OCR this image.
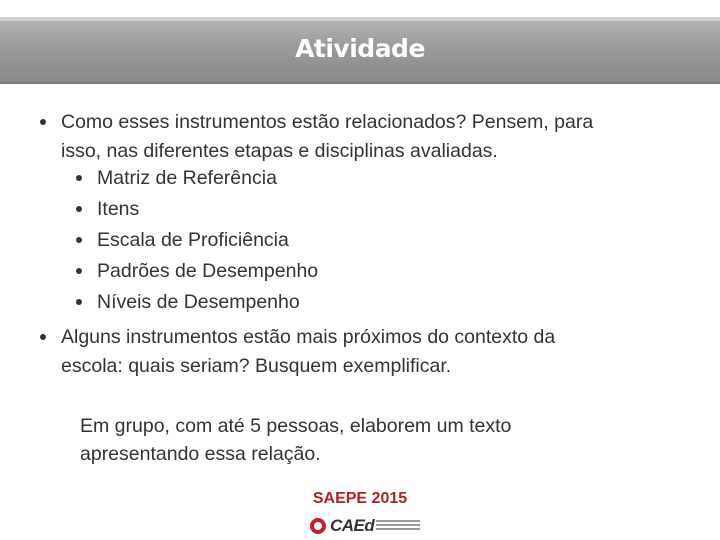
Atividade
Como esses instrumentos estão relacionados? Pensem, para
isso, nas diferentes etapas e disciplinas avaliadas.
Matriz de Referência
Itens
Escala de Proficiência
Padrões de Desempenho
Níveis de Desempenho
Alguns instrumentos estão mais próximos do contexto da
escola: quais seriam? Busquem exemplificar.
Em grupo, com até 5 pessoas, elaborem um texto
apresentando essa relação.
SAEPE 2015
CAEd
